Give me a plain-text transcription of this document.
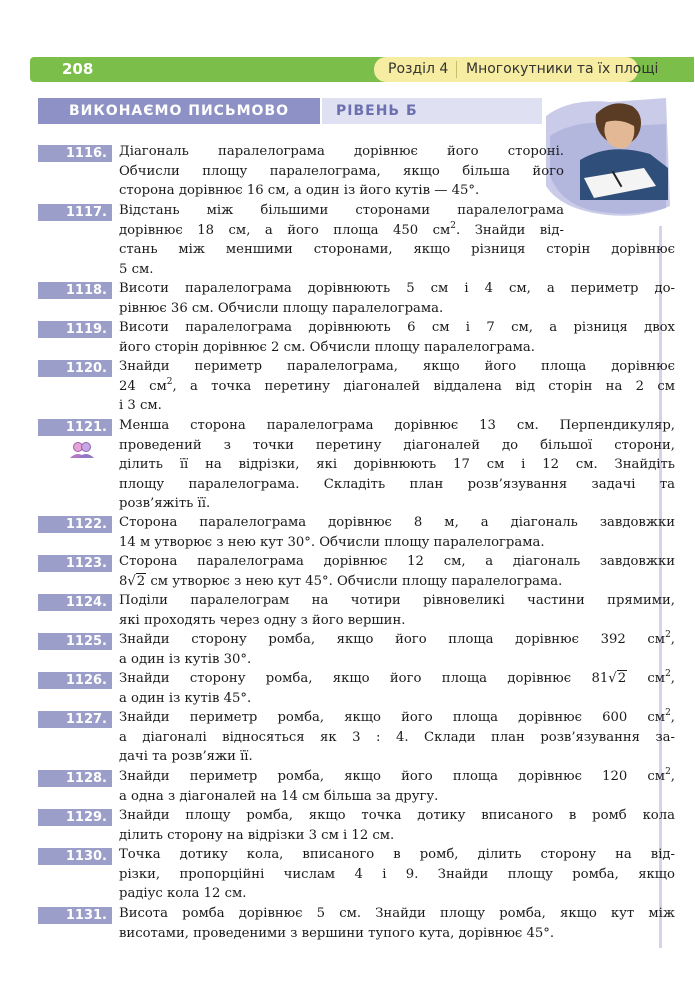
208	Розділ 4 Многокутники та їх площі
ВИКОНАЄМО ПИСЬМОВО	РІВЕНЬ Б
1116. Діагональ паралелограма дорівнює його стороні.
Обчисли площу паралелограма, якщо більша його
сторона дорівнює 16 см, а один із його кутів — 45°.
1117. Відстань між більшими сторонами паралелограма
дорівнює 18 см, а його площа 450 $см^2$. Знайди від-
стань між меншими сторонами, якщо різниця сторін дорівнює
5 см.
1118. Висоти паралелограма дорівнюють 5 см і 4 см, а периметр до-
рівнює 36 см. Обчисли площу паралелограма.
1119. Висоти паралелограма дорівнюють 6 см і 7 см, а різниця двох
його сторін дорівнює 2 см. Обчисли площу паралелограма.
1120. Знайди периметр паралелограма, якщо його площа дорівнює
24 $см^2$, а точка перетину діагоналей віддалена від сторін на 2 см
і 3 см.
1121. Менша сторона паралелограма дорівнює 13 см. Перпендикуляр,
проведений з точки перетину діагоналей до більшої сторони,
ділить її на відрізки, які дорівнюють 17 см і 12 см. Знайдіть
площу паралелограма. Складіть план розв’язування задачі та
розв’яжіть її.
1122. Сторона паралелограма дорівнює 8 м, а діагональ завдовжки
14 м утворює з нею кут 30°. Обчисли площу паралелограма.
1123. Сторона паралелограма дорівнює 12 см, а діагональ завдовжки
8√2 см утворює з нею кут 45°. Обчисли площу паралелограма.
1124. Поділи паралелограм на чотири рівновеликі частини прямими,
які проходять через одну з його вершин.
1125. Знайди сторону ромба, якщо його площа дорівнює 392 $см^2$,
а один із кутів 30°.
1126. Знайди сторону ромба, якщо його площа дорівнює 81√2 $см^2$,
а один із кутів 45°.
1127. Знайди периметр ромба, якщо його площа дорівнює 600 $см^2$,
а діагоналі відносяться як 3 : 4. Склади план розв’язування за-
дачі та розв’яжи її.
1128. Знайди периметр ромба, якщо його площа дорівнює 120 $см^2$,
а одна з діагоналей на 14 см більша за другу.
1129. Знайди площу ромба, якщо точка дотику вписаного в ромб кола
ділить сторону на відрізки 3 см і 12 см.
1130. Точка дотику кола, вписаного в ромб, ділить сторону на від-
різки, пропорційні числам 4 і 9. Знайди площу ромба, якщо
радіус кола 12 см.
1131. Висота ромба дорівнює 5 см. Знайди площу ромба, якщо кут між
висотами, проведеними з вершини тупого кута, дорівнює 45°.
